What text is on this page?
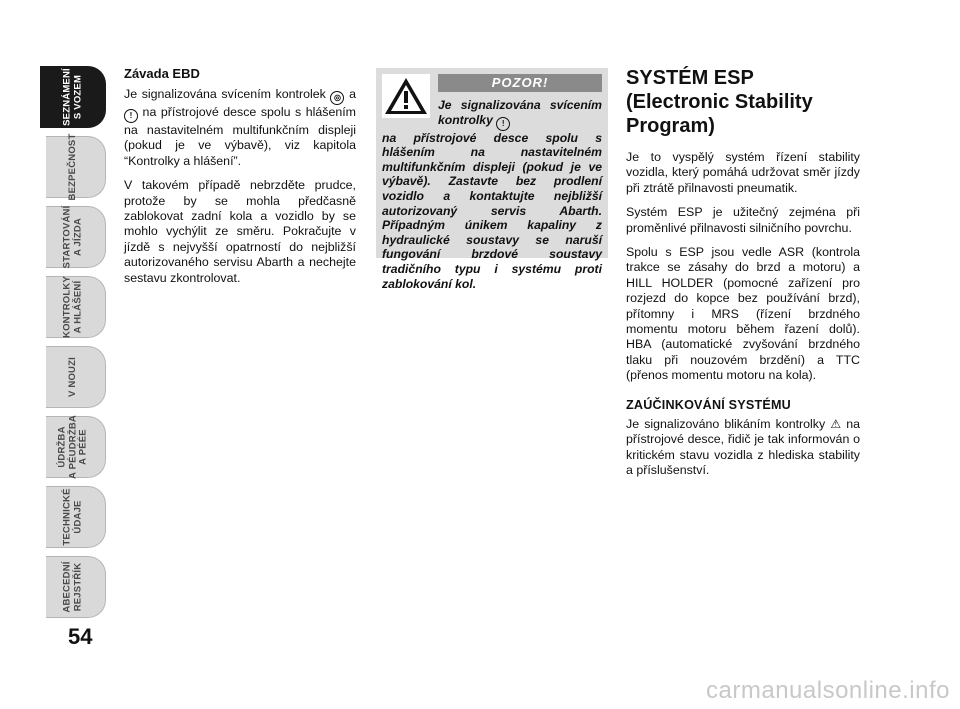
SEZNÁMENÍ
S VOZEM
BEZPEČNOST
STARTOVÁNÍ
A JÍZDA
KONTROLKY
A HLÁŠENÍ
V NOUZI
ÚDRŽBA
A PÉUDRŽBA
A PÉÉE
TECHNICKÉ
ÚDAJE
ABECEDNÍ
REJSTŘÍK
54
Závada EBD

Je signalizována svícením kontrolek ◎ a ! na přístrojové desce spolu s hlášením na nastavitelném multifunkčním displeji (pokud je ve výbavě), viz kapitola “Kontrolky a hlášení”.

V takovém případě nebrzděte prudce, protože by se mohla předčasně zablokovat zadní kola a vozidlo by se mohlo vychýlit ze směru. Pokračujte v jízdě s nejvyšší opatrností do nejbližší autorizovaného servisu Abarth a nechejte sestavu zkontrolovat.

POZOR!

Je signalizována svícením kontrolky !
na přístrojové desce spolu s hlášením na nastavitelném multifunkčním displeji (pokud je ve výbavě). Zastavte bez prodlení vozidlo a kontaktujte nejbližší autorizovaný servis Abarth. Případným únikem kapaliny z hydraulické soustavy se naruší fungování brzdové soustavy tradičního typu i systému proti zablokování kol.

SYSTÉM ESP (Electronic Stability Program)

Je to vyspělý systém řízení stability vozidla, který pomáhá udržovat směr jízdy při ztrátě přilnavosti pneumatik.

Systém ESP je užitečný zejména při proměnlivé přilnavosti silničního povrchu.

Spolu s ESP jsou vedle ASR (kontrola trakce se zásahy do brzd a motoru) a HILL HOLDER (pomocné zařízení pro rozjezd do kopce bez používání brzd), přítomny i MRS (řízení brzdného momentu motoru během řazení dolů). HBA (automatické zvyšování brzdného tlaku při nouzovém brzdění) a TTC (přenos momentu motoru na kola).

ZAÚČINKOVÁNÍ SYSTÉMU

Je signalizováno blikáním kontrolky ⚠ na přístrojové desce, řidič je tak informován o kritickém stavu vozidla z hlediska stability a příslušenství.

carmanualsonline.info
